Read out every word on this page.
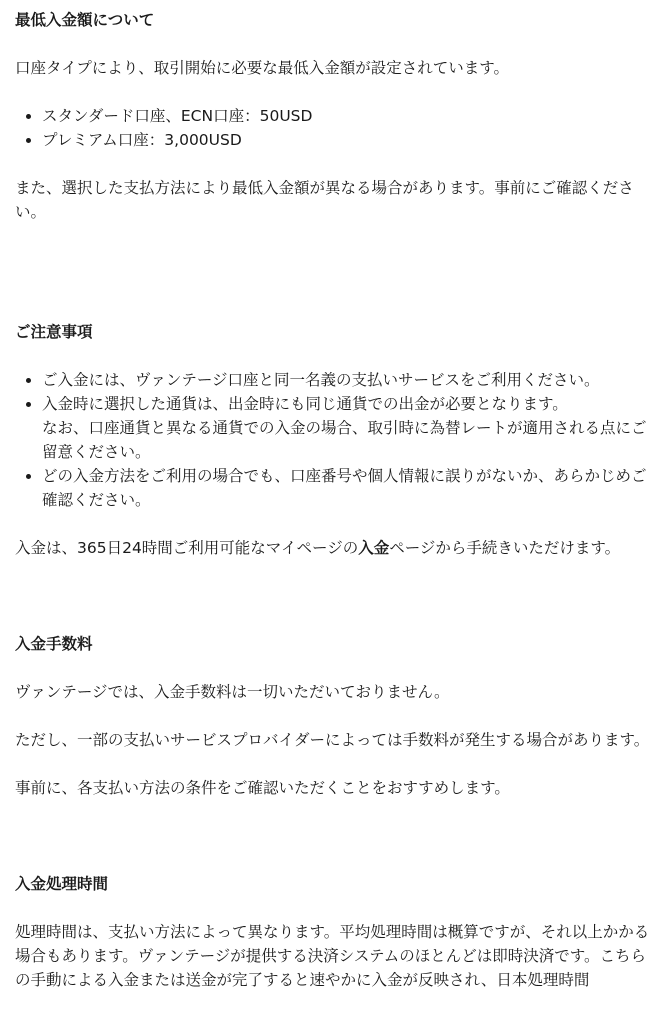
最低入金額について

口座タイプにより、取引開始に必要な最低入金額が設定されています。

• スタンダード口座、ECN口座：50USD
• プレミアム口座：3,000USD

また、選択した支払方法により最低入金額が異なる場合があります。事前にご確認ください。

ご注意事項
• ご入金には、ヴァンテージ口座と同一名義の支払いサービスをご利用ください。
• 入金時に選択した通貨は、出金時にも同じ通貨での出金が必要となります。
なお、口座通貨と異なる通貨での入金の場合、取引時に為替レートが適用される点にご留意ください。
• どの入金方法をご利用の場合でも、口座番号や個人情報に誤りがないか、あらかじめご確認ください。

入金は、365日24時間ご利用可能なマイページの入金ページから手続きいただけます。

入金手数料

ヴァンテージでは、入金手数料は一切いただいておりません。

ただし、一部の支払いサービスプロバイダーによっては手数料が発生する場合があります。

事前に、各支払い方法の条件をご確認いただくことをおすすめします。

入金処理時間

処理時間は、支払い方法によって異なります。平均処理時間は概算ですが、それ以上かかる場合もあります。ヴァンテージが提供する決済システムのほとんどは即時決済です。こちらの手動による入金または送金が完了すると速やかに入金が反映され、日本処理時間
